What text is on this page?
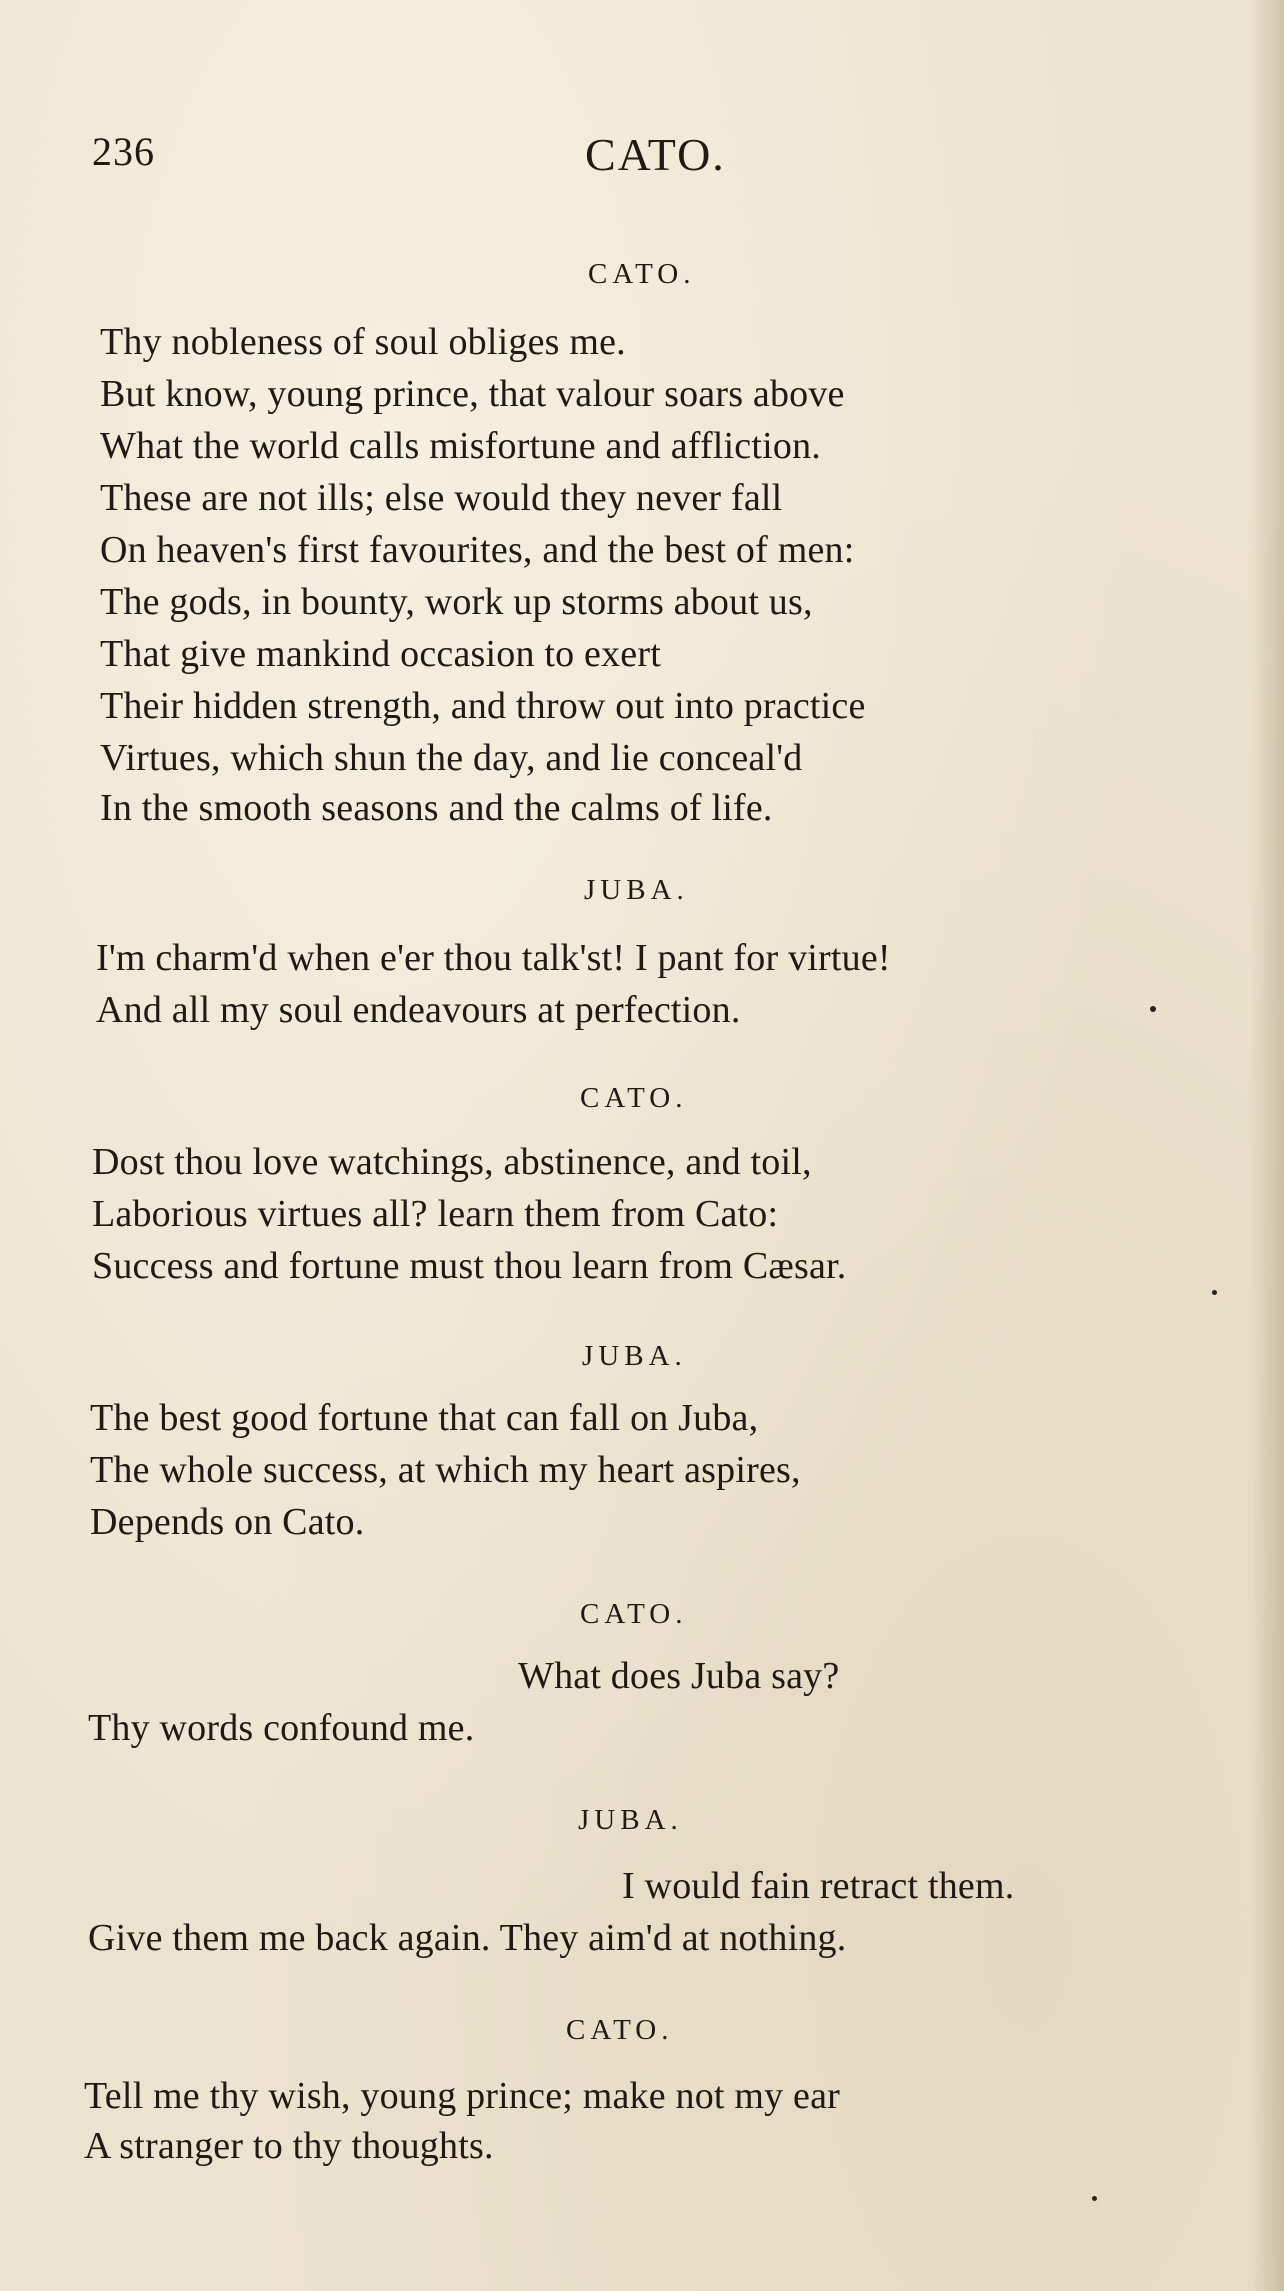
236	CATO.
CATO.
Thy nobleness of soul obliges me.
But know, young prince, that valour soars above
What the world calls misfortune and affliction.
These are not ills; else would they never fall
On heaven's first favourites, and the best of men:
The gods, in bounty, work up storms about us,
That give mankind occasion to exert
Their hidden strength, and throw out into practice
Virtues, which shun the day, and lie conceal'd
In the smooth seasons and the calms of life.
JUBA.
I'm charm'd when e'er thou talk'st! I pant for virtue!
And all my soul endeavours at perfection.
CATO.
Dost thou love watchings, abstinence, and toil,
Laborious virtues all? learn them from Cato:
Success and fortune must thou learn from Cæsar.
JUBA.
The best good fortune that can fall on Juba,
The whole success, at which my heart aspires,
Depends on Cato.
CATO.
What does Juba say?
Thy words confound me.
JUBA.
I would fain retract them.
Give them me back again. They aim'd at nothing.
CATO.
Tell me thy wish, young prince; make not my ear
A stranger to thy thoughts.
